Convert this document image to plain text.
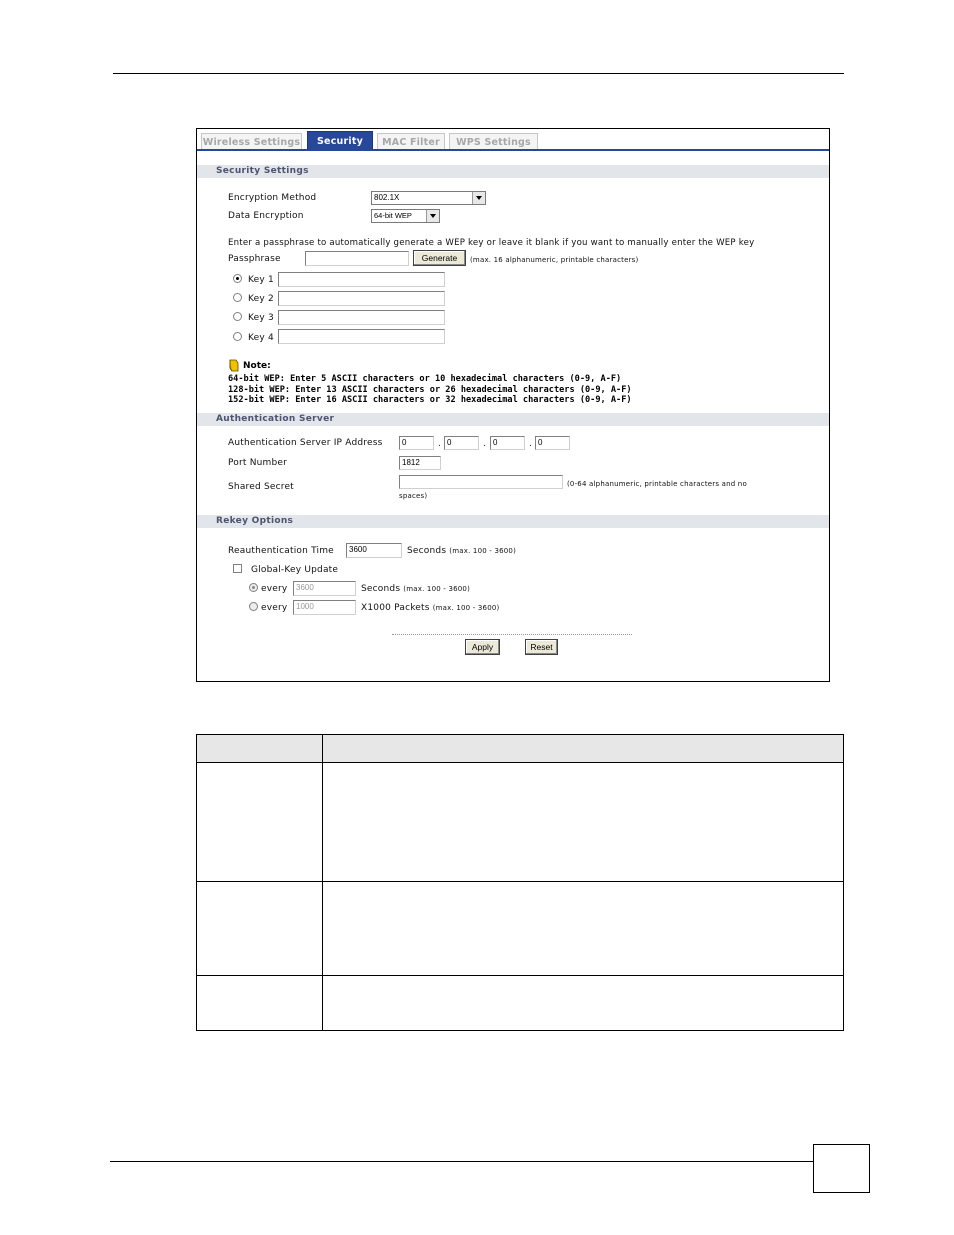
Wireless Settings	Security	MAC Filter	WPS Settings
Security Settings
Encryption Method	802.1X
Data Encryption	64-bit WEP
Enter a passphrase to automatically generate a WEP key or leave it blank if you want to manually enter the WEP key
Passphrase	Generate	(max. 16 alphanumeric, printable characters)
Key 1
Key 2
Key 3
Key 4
Note:
64-bit WEP: Enter 5 ASCII characters or 10 hexadecimal characters (0-9, A-F)
128-bit WEP: Enter 13 ASCII characters or 26 hexadecimal characters (0-9, A-F)
152-bit WEP: Enter 16 ASCII characters or 32 hexadecimal characters (0-9, A-F)
Authentication Server
Authentication Server IP Address	0	. 0	. 0	. 0
Port Number	1812
Shared Secret	(0-64 alphanumeric, printable characters and no
spaces)
Rekey Options
Reauthentication Time	3600	Seconds (max. 100 - 3600)
Global-Key Update
every	3600	Seconds (max. 100 - 3600)
every	1000	X1000 Packets (max. 100 - 3600)
Apply	Reset
